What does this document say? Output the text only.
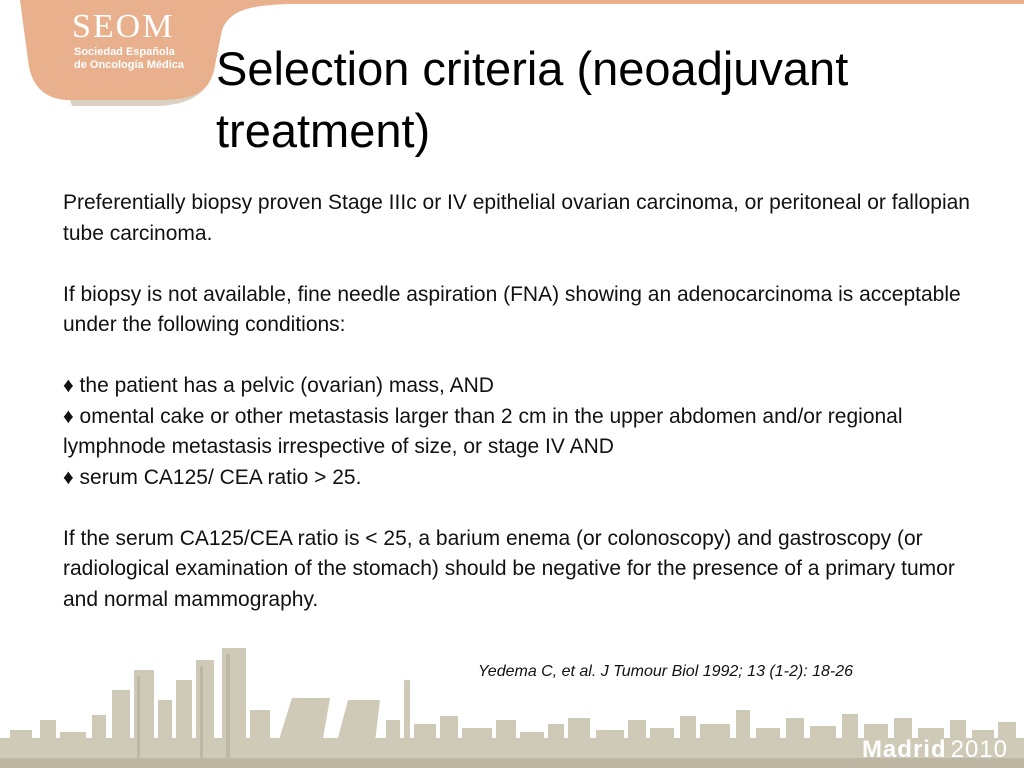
SEOM
Sociedad Española
de Oncología Médica Selection criteria (neoadjuvant
treatment)

Preferentially biopsy proven Stage IIIc or IV epithelial ovarian carcinoma, or peritoneal or fallopian tube carcinoma.

If biopsy is not available, fine needle aspiration (FNA) showing an adenocarcinoma is acceptable under the following conditions:

♦ the patient has a pelvic (ovarian) mass, AND
♦ omental cake or other metastasis larger than 2 cm in the upper abdomen and/or regional lymphnode metastasis irrespective of size, or stage IV AND
♦ serum CA125/ CEA ratio > 25.

If the serum CA125/CEA ratio is < 25, a barium enema (or colonoscopy) and gastroscopy (or radiological examination of the stomach) should be negative for the presence of a primary tumor and normal mammography.

Yedema C, et al. J Tumour Biol 1992; 13 (1-2): 18-26
Madrid 2010
